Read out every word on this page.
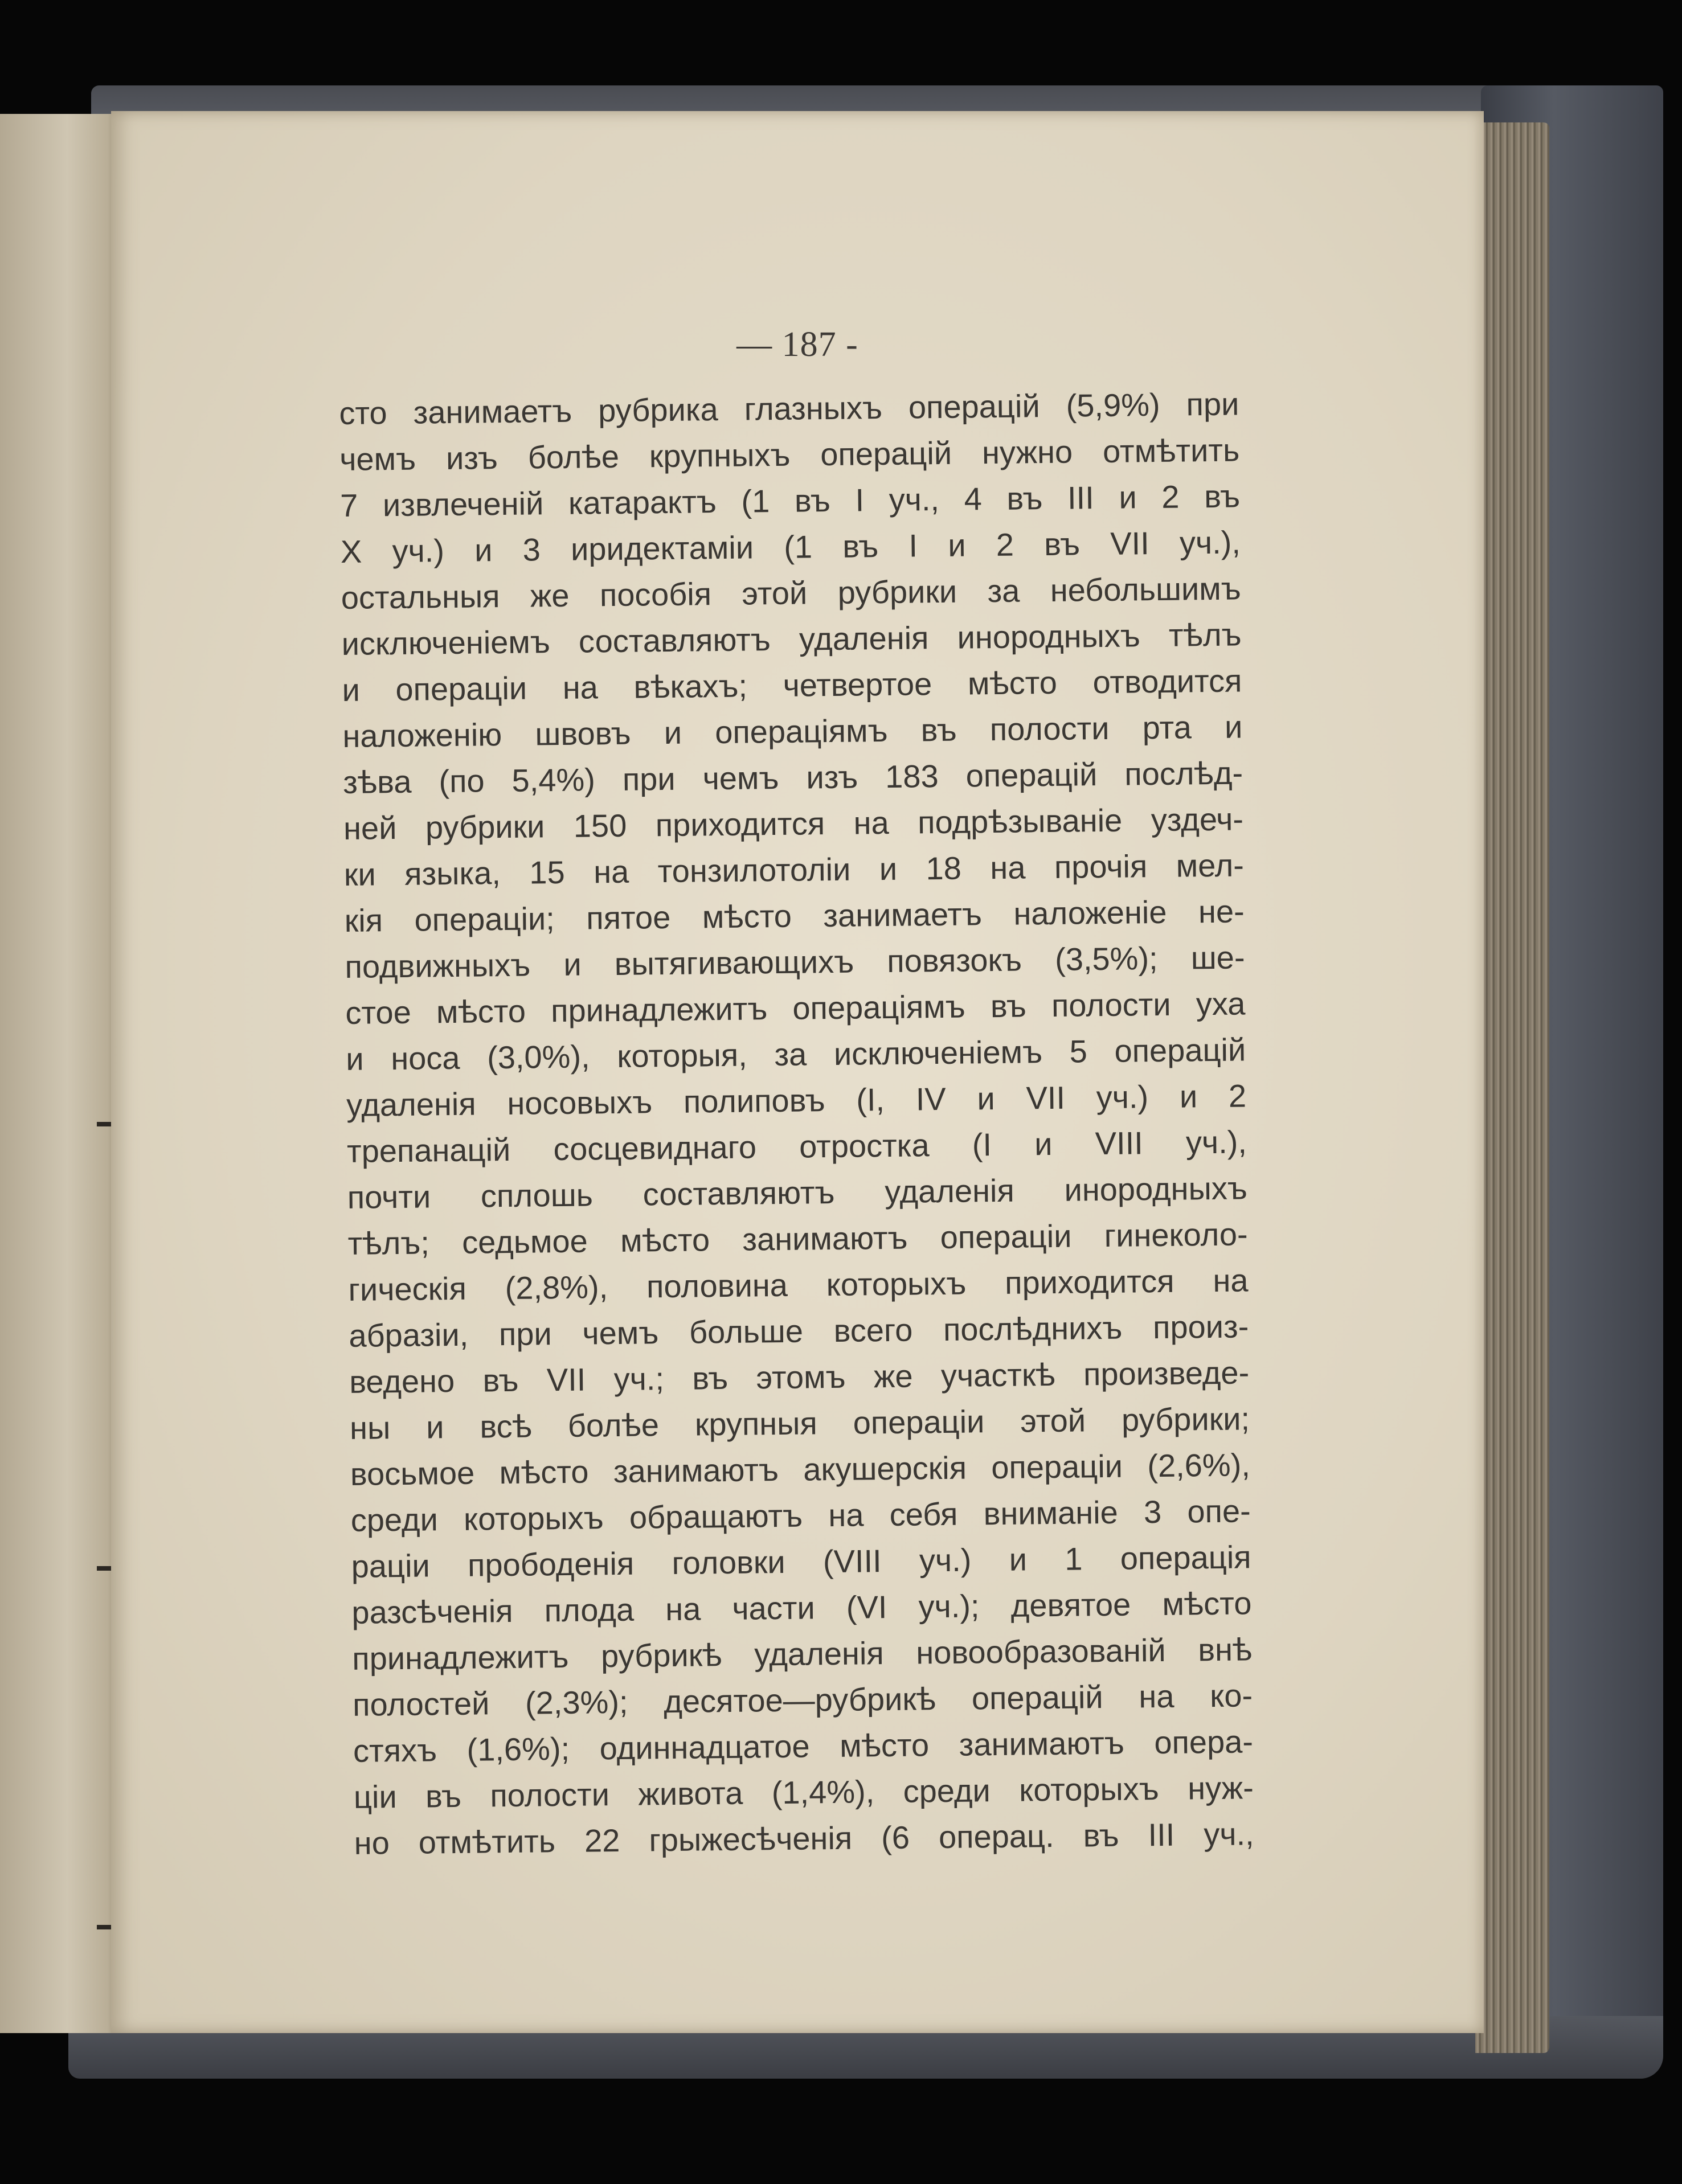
— 187 -
сто занимаетъ рубрика глазныхъ операцій (5,9%) при
чемъ изъ болѣе крупныхъ операцій нужно отмѣтить
7 извлеченій катарактъ (1 въ I уч., 4 въ III и 2 въ
X уч.) и 3 иридектаміи (1 въ I и 2 въ VII уч.),
остальныя же пособія этой рубрики за небольшимъ
исключеніемъ составляютъ удаленія инородныхъ тѣлъ
и операціи на вѣкахъ; четвертое мѣсто отводится
наложенію швовъ и операціямъ въ полости рта и
зѣва (по 5,4%) при чемъ изъ 183 операцій послѣд-
ней рубрики 150 приходится на подрѣзываніе уздеч-
ки языка, 15 на тонзилотоліи и 18 на прочія мел-
кія операціи; пятое мѣсто занимаетъ наложеніе не-
подвижныхъ и вытягивающихъ повязокъ (3,5%); ше-
стое мѣсто принадлежитъ операціямъ въ полости уха
и носа (3,0%), которыя, за исключеніемъ 5 операцій
удаленія носовыхъ полиповъ (I, IV и VII уч.) и 2
трепанацій сосцевиднаго отростка (I и VIII уч.),
почти сплошь составляютъ удаленія инородныхъ
тѣлъ; седьмое мѣсто занимаютъ операціи гинеколо-
гическія (2,8%), половина которыхъ приходится на
абразіи, при чемъ больше всего послѣднихъ произ-
ведено въ VII уч.; въ этомъ же участкѣ произведе-
ны и всѣ болѣе крупныя операціи этой рубрики;
восьмое мѣсто занимаютъ акушерскія операціи (2,6%),
среди которыхъ обращаютъ на себя вниманіе 3 опе-
раціи прободенія головки (VIII уч.) и 1 операція
разсѣченія плода на части (VI уч.); девятое мѣсто
принадлежитъ рубрикѣ удаленія новообразованій внѣ
полостей (2,3%); десятое—рубрикѣ операцій на ко-
стяхъ (1,6%); одиннадцатое мѣсто занимаютъ опера-
ціи въ полости живота (1,4%), среди которыхъ нуж-
но отмѣтить 22 грыжесѣченія (6 операц. въ III уч.,
